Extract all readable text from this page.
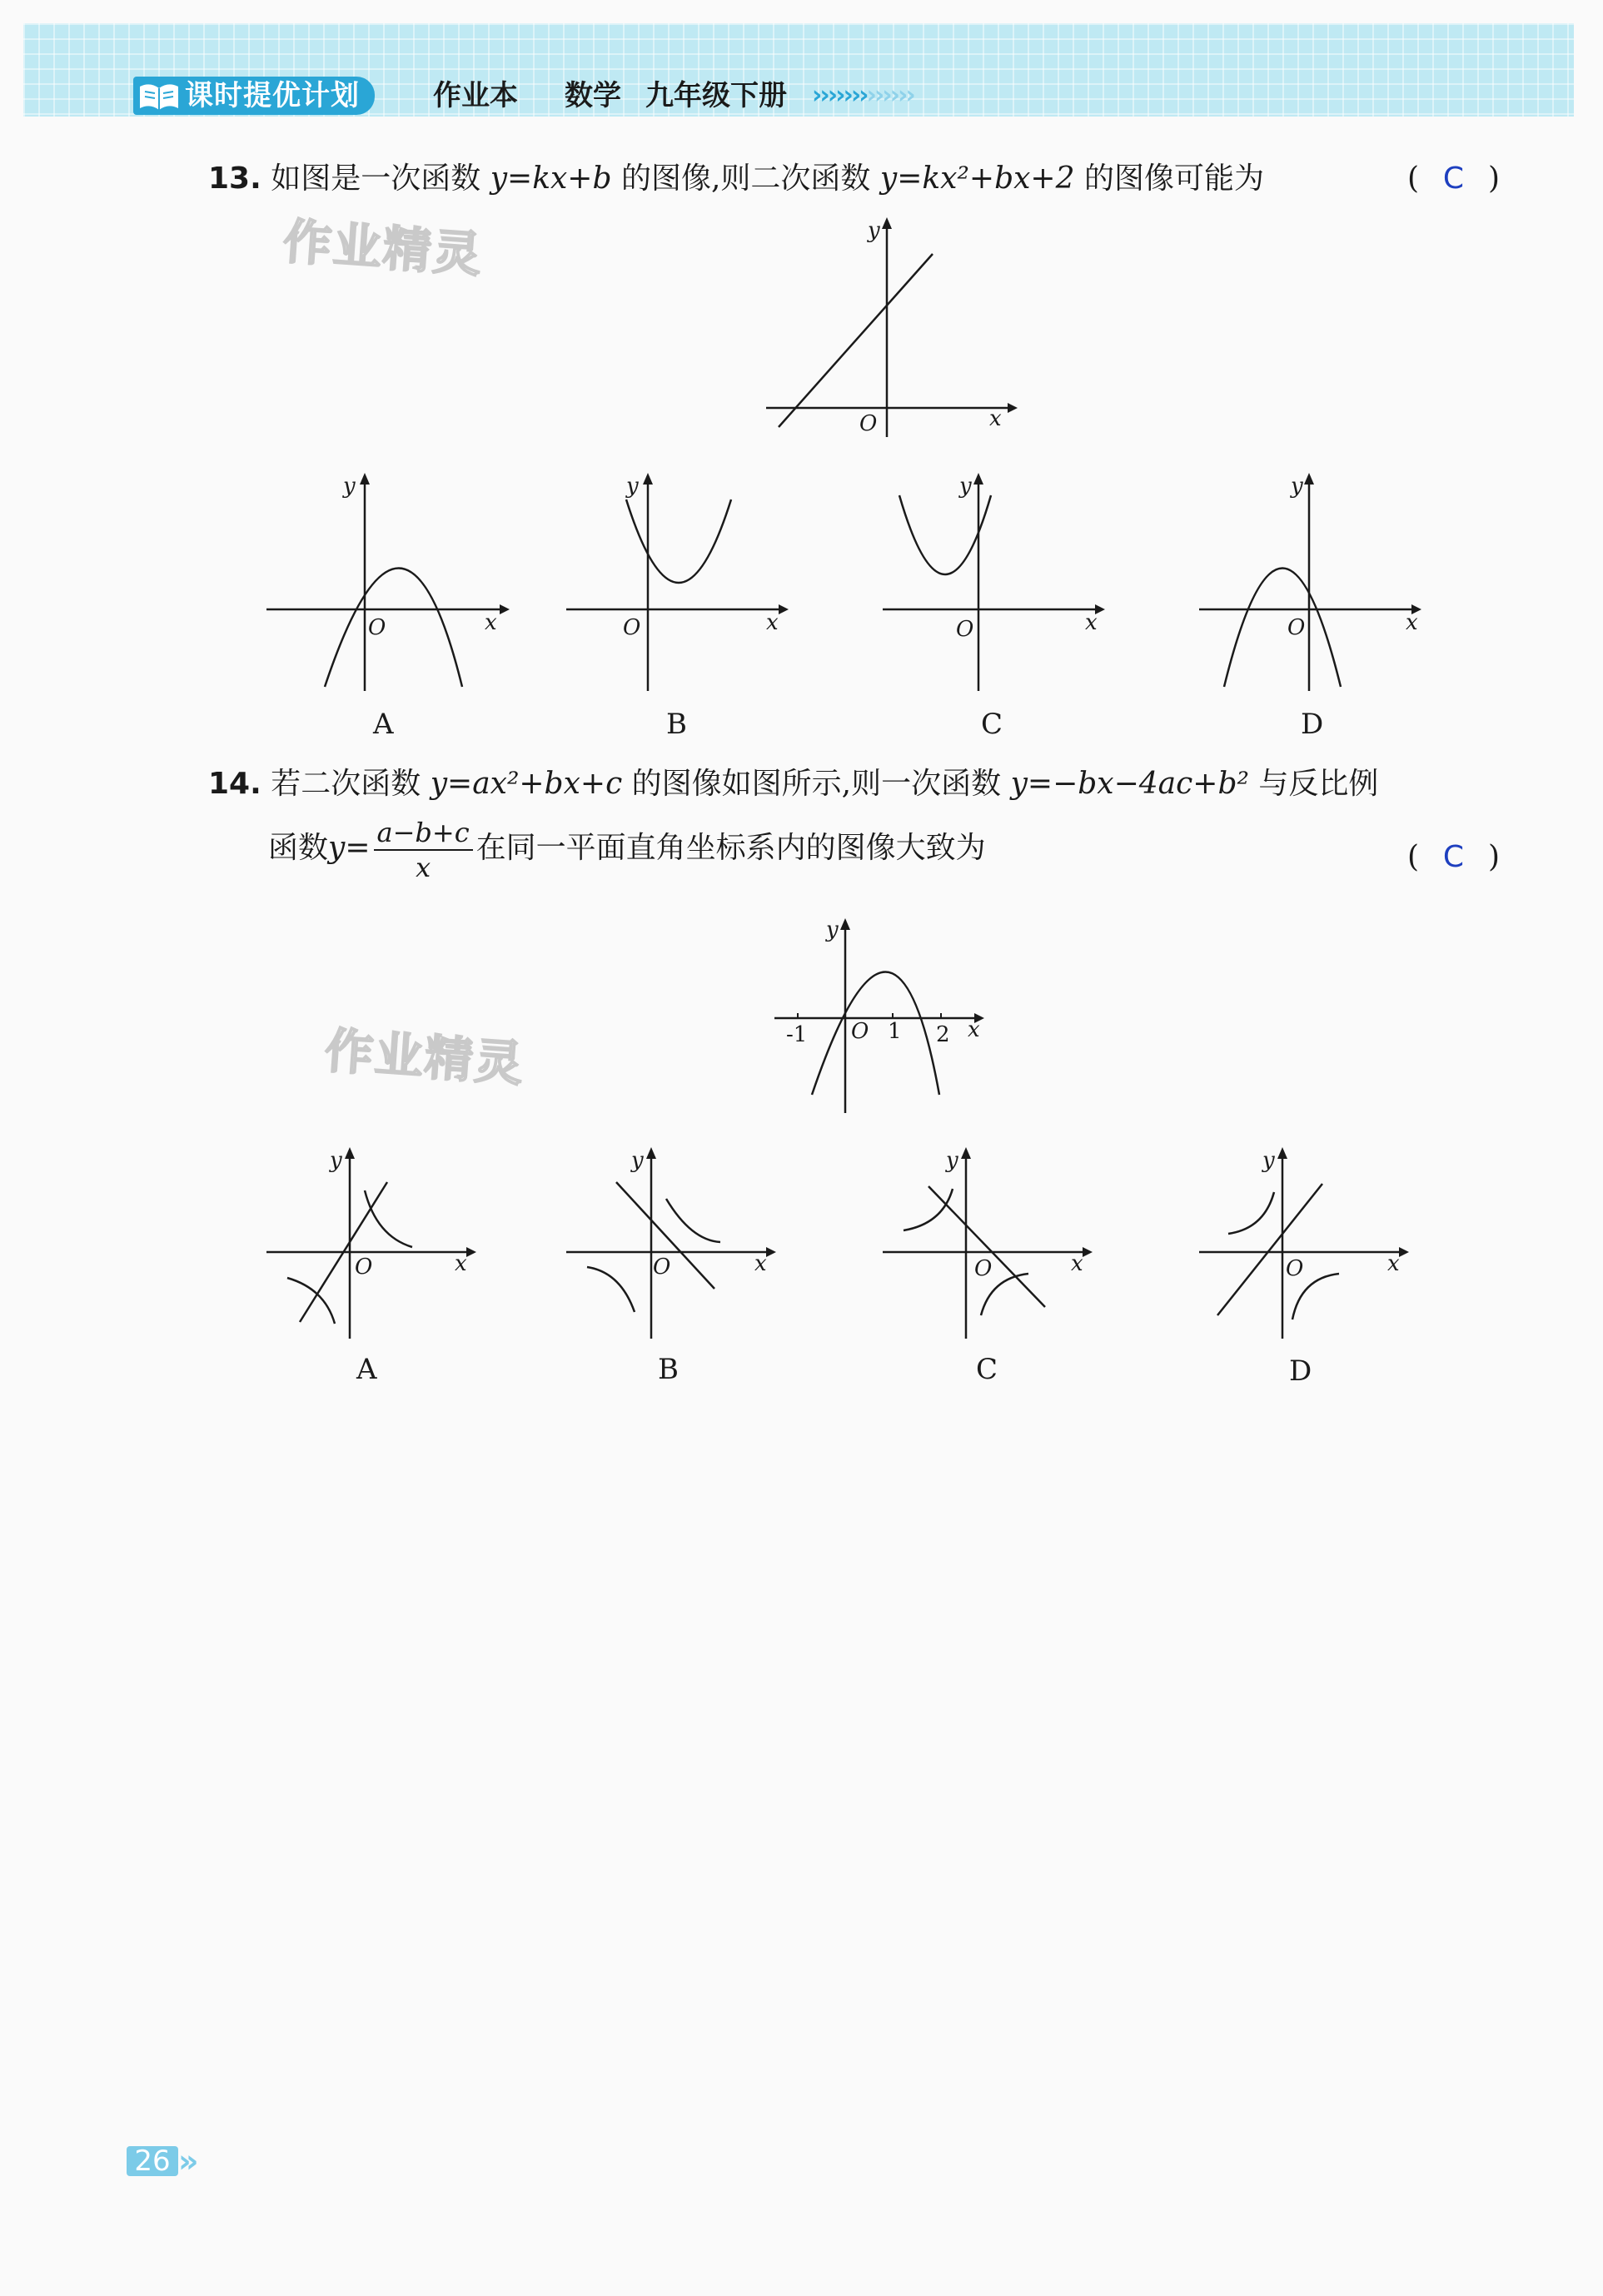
课时提优计划	作业本 数学 九年级下册 ›››››››››››››
作业精灵
作业精灵
13. 如图是一次函数 y=kx+b 的图像,则二次函数 y=kx²+bx+2 的图像可能为	( C )
y
x
O
y
x
O
A
y
x
O
B
y
x
O
C
y
x
O
D
14. 若二次函数 y=ax²+bx+c 的图像如图所示,则一次函数 y=−bx−4ac+b² 与反比例
函数$y= \frac{a-b+c}{x}$ 在同一平面直角坐标系内的图像大致为	( C )
y
x
O
-1	1 2
y
x
O
A
y
x
O
B
y
x
O
C
y
x
O
D
26 »
